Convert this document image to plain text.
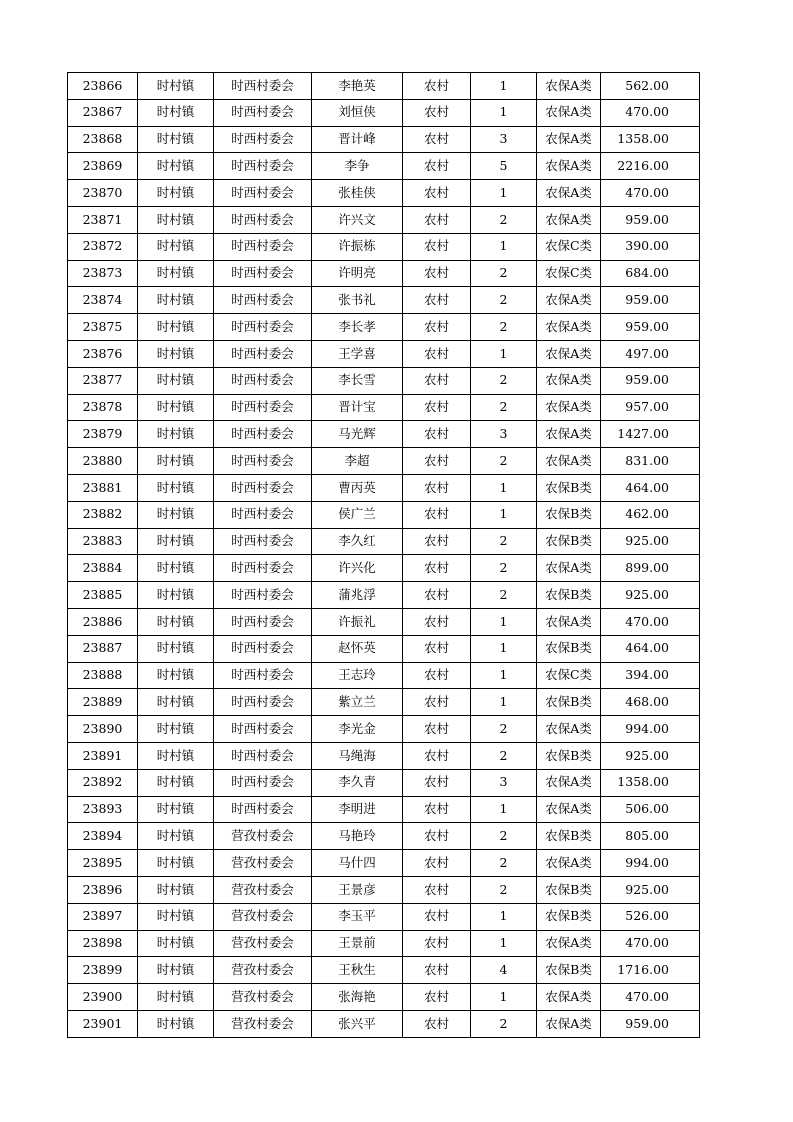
23866	时村镇	时西村委会	李艳英	农村	1	农保A类	562.00
23867	时村镇	时西村委会	刘恒侠	农村	1	农保A类	470.00
23868	时村镇	时西村委会	晋计峰	农村	3	农保A类	1358.00
23869	时村镇	时西村委会	李争	农村	5	农保A类	2216.00
23870	时村镇	时西村委会	张桂侠	农村	1	农保A类	470.00
23871	时村镇	时西村委会	许兴文	农村	2	农保A类	959.00
23872	时村镇	时西村委会	许振栋	农村	1	农保C类	390.00
23873	时村镇	时西村委会	许明亮	农村	2	农保C类	684.00
23874	时村镇	时西村委会	张书礼	农村	2	农保A类	959.00
23875	时村镇	时西村委会	李长孝	农村	2	农保A类	959.00
23876	时村镇	时西村委会	王学喜	农村	1	农保A类	497.00
23877	时村镇	时西村委会	李长雪	农村	2	农保A类	959.00
23878	时村镇	时西村委会	晋计宝	农村	2	农保A类	957.00
23879	时村镇	时西村委会	马光辉	农村	3	农保A类	1427.00
23880	时村镇	时西村委会	李超	农村	2	农保A类	831.00
23881	时村镇	时西村委会	曹丙英	农村	1	农保B类	464.00
23882	时村镇	时西村委会	侯广兰	农村	1	农保B类	462.00
23883	时村镇	时西村委会	李久红	农村	2	农保B类	925.00
23884	时村镇	时西村委会	许兴化	农村	2	农保A类	899.00
23885	时村镇	时西村委会	蒲兆浮	农村	2	农保B类	925.00
23886	时村镇	时西村委会	许振礼	农村	1	农保A类	470.00
23887	时村镇	时西村委会	赵怀英	农村	1	农保B类	464.00
23888	时村镇	时西村委会	王志玲	农村	1	农保C类	394.00
23889	时村镇	时西村委会	紫立兰	农村	1	农保B类	468.00
23890	时村镇	时西村委会	李光金	农村	2	农保A类	994.00
23891	时村镇	时西村委会	马绳海	农村	2	农保B类	925.00
23892	时村镇	时西村委会	李久青	农村	3	农保A类	1358.00
23893	时村镇	时西村委会	李明进	农村	1	农保A类	506.00
23894	时村镇	营孜村委会	马艳玲	农村	2	农保B类	805.00
23895	时村镇	营孜村委会	马什四	农村	2	农保A类	994.00
23896	时村镇	营孜村委会	王景彦	农村	2	农保B类	925.00
23897	时村镇	营孜村委会	李玉平	农村	1	农保B类	526.00
23898	时村镇	营孜村委会	王景前	农村	1	农保A类	470.00
23899	时村镇	营孜村委会	王秋生	农村	4	农保B类	1716.00
23900	时村镇	营孜村委会	张海艳	农村	1	农保A类	470.00
23901	时村镇	营孜村委会	张兴平	农村	2	农保A类	959.00
